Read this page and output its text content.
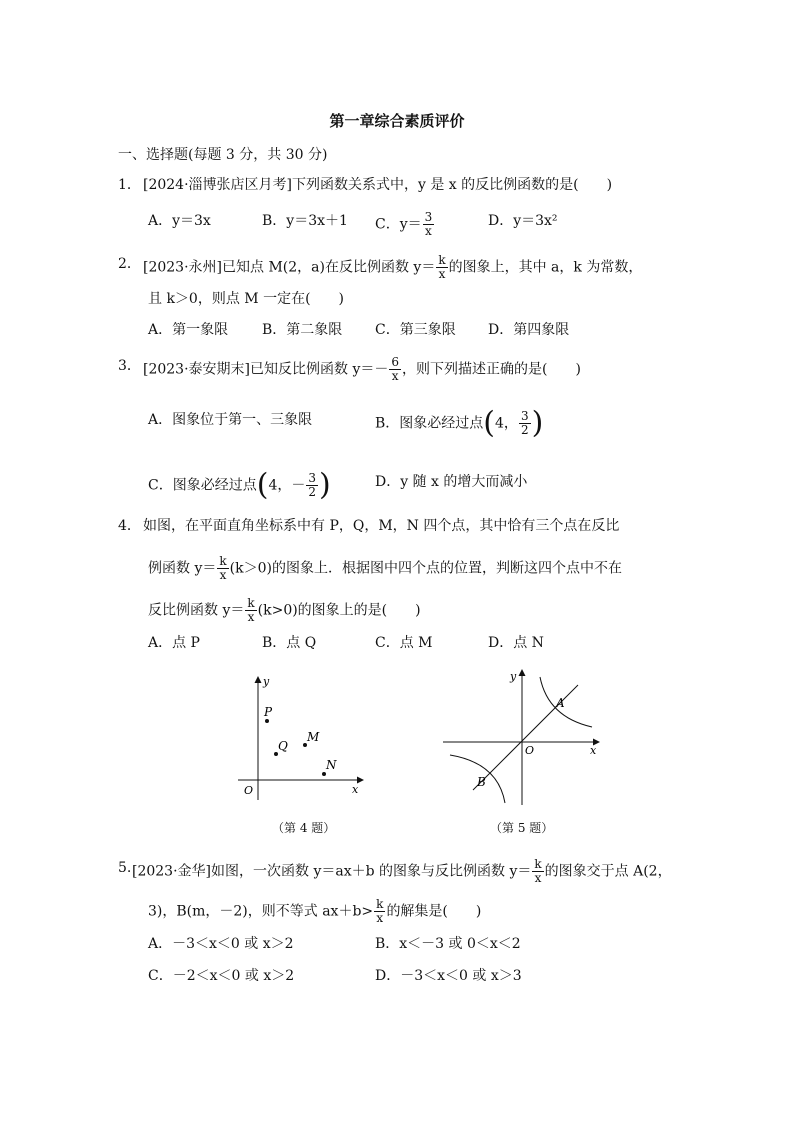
第一章综合素质评价
一、选择题(每题 3 分，共 30 分)
1． [2024·淄博张店区月考]下列函数关系式中，y 是 x 的反比例函数的是(　　)
A．y＝3x	B．y＝3x＋1 C．$y= \frac{3}{x}$	D．y＝3x²
2． [2023·永州]已知点 M(2，a)在反比例函数 $y= \frac{k}{x}$ 的图象上，其中 a，k 为常数，
且 k＞0，则点 M 一定在(　　)
A．第一象限 B．第二象限 C．第三象限 D．第四象限
3． [2023·泰安期末]已知反比例函数 $y=- \frac{6}{x}$ ，则下列描述正确的是(　　)
A．图象位于第一、三象限	B．图象必经过点(4， $\frac{3}{2}$ )
C．图象必经过点(4，－ $\frac{3}{2}$ )	D．y 随 x 的增大而减小
4． 如图，在平面直角坐标系中有 P，Q，M，N 四个点，其中恰有三个点在反比
例函数 $y= \frac{k}{x} (k>0)$的图象上．根据图中四个点的位置，判断这四个点中不在
反比例函数 $y= \frac{k}{x} (k>0)$的图象上的是(　　)
A．点 P	B．点 Q	C．点 M	D．点 N
y
x
O
P
Q
M
N
（第 4 题）
y
x
O
A
B
（第 5 题）
5. [2023·金华]如图，一次函数 y＝ax＋b 的图象与反比例函数 $y= \frac{k}{x}$ 的图象交于点 A(2，
3)，B(m，－2)，则不等式 $ax+b> \frac{k}{x}$ 的解集是(　　)
A．－3＜x＜0 或 x＞2	B．x＜－3 或 0＜x＜2
C．－2＜x＜0 或 x＞2	D．－3＜x＜0 或 x＞3
